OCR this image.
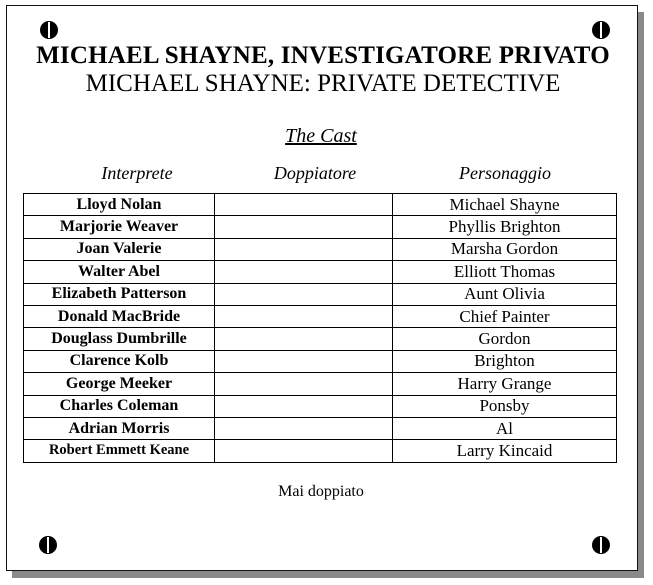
MICHAEL SHAYNE, INVESTIGATORE PRIVATO
MICHAEL SHAYNE: PRIVATE DETECTIVE
The Cast
Interprete	Doppiatore	Personaggio
Lloyd Nolan		Michael Shayne
Marjorie Weaver		Phyllis Brighton
Joan Valerie		Marsha Gordon
Walter Abel		Elliott Thomas
Elizabeth Patterson		Aunt Olivia
Donald MacBride		Chief Painter
Douglass Dumbrille		Gordon
Clarence Kolb		Brighton
George Meeker		Harry Grange
Charles Coleman		Ponsby
Adrian Morris		Al
Robert Emmett Keane		Larry Kincaid
Mai doppiato
